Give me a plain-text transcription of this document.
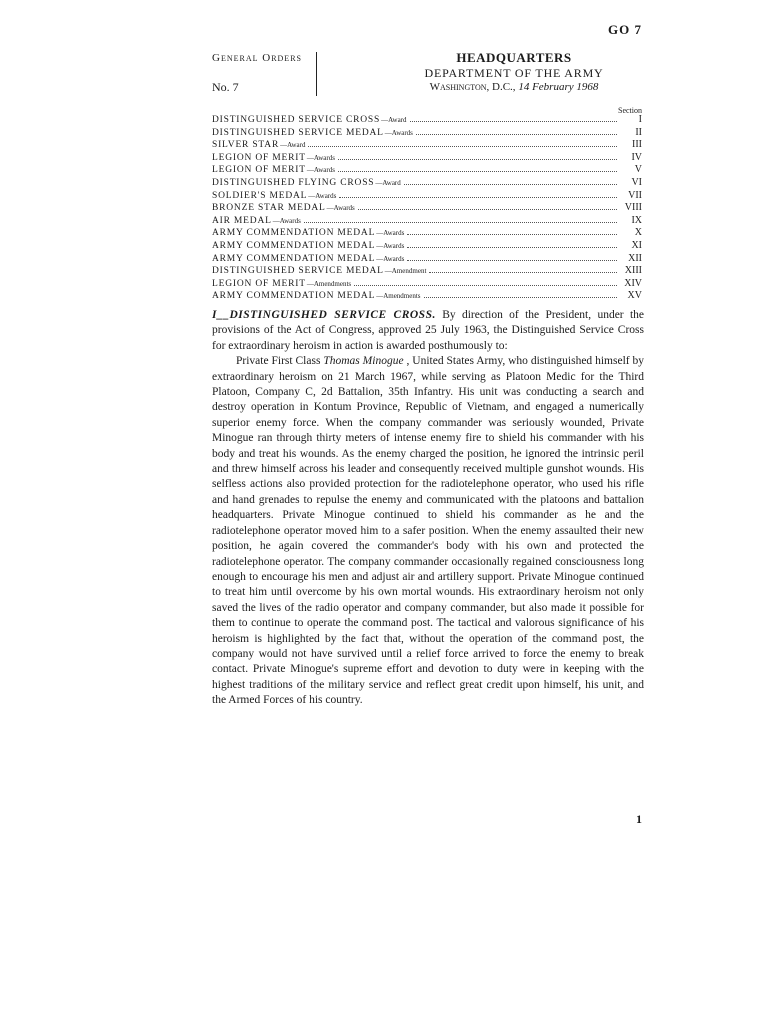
GO 7
General Orders
No. 7
HEADQUARTERS
DEPARTMENT OF THE ARMY
Washington, D.C., 14 February 1968
Section
DISTINGUISHED SERVICE CROSS —Award	I
DISTINGUISHED SERVICE MEDAL —Awards	II
SILVER STAR —Award	III
LEGION OF MERIT —Awards	IV
LEGION OF MERIT —Awards	V
DISTINGUISHED FLYING CROSS —Award	VI
SOLDIER'S MEDAL —Awards	VII
BRONZE STAR MEDAL —Awards	VIII
AIR MEDAL —Awards	IX
ARMY COMMENDATION MEDAL —Awards	X
ARMY COMMENDATION MEDAL —Awards	XI
ARMY COMMENDATION MEDAL —Awards	XII
DISTINGUISHED SERVICE MEDAL —Amendment	XIII
LEGION OF MERIT —Amendments	XIV
ARMY COMMENDATION MEDAL —Amendments	XV

I__DISTINGUISHED SERVICE CROSS. By direction of the President, under the provisions of the Act of Congress, approved 25 July 1963, the Distinguished Service Cross for extraordinary heroism in action is awarded posthumously to:

Private First Class Thomas Minogue , United States Army, who distinguished himself by extraordinary heroism on 21 March 1967, while serving as Platoon Medic for the Third Platoon, Company C, 2d Battalion, 35th Infantry. His unit was conducting a search and destroy operation in Kontum Province, Republic of Vietnam, and engaged a numerically superior enemy force. When the company commander was seriously wounded, Private Minogue ran through thirty meters of intense enemy fire to shield his commander with his body and treat his wounds. As the enemy charged the position, he ignored the intrinsic peril and threw himself across his leader and consequently received multiple gunshot wounds. His selfless actions also provided protection for the radiotelephone operator, who used his rifle and hand grenades to repulse the enemy and communicated with the platoons and battalion headquarters. Private Minogue continued to shield his commander as he and the radiotelephone operator moved him to a safer position. When the enemy assaulted their new position, he again covered the commander's body with his own and protected the radiotelephone operator. The company commander occasionally regained consciousness long enough to encourage his men and adjust air and artillery support. Private Minogue continued to treat him until overcome by his own mortal wounds. His extraordinary heroism not only saved the lives of the radio operator and company commander, but also made it possible for them to continue to operate the command post. The tactical and valorous significance of his heroism is highlighted by the fact that, without the operation of the command post, the company would not have survived until a relief force arrived to force the enemy to break contact. Private Minogue's supreme effort and devotion to duty were in keeping with the highest traditions of the military service and reflect great credit upon himself, his unit, and the Armed Forces of his country.

1
